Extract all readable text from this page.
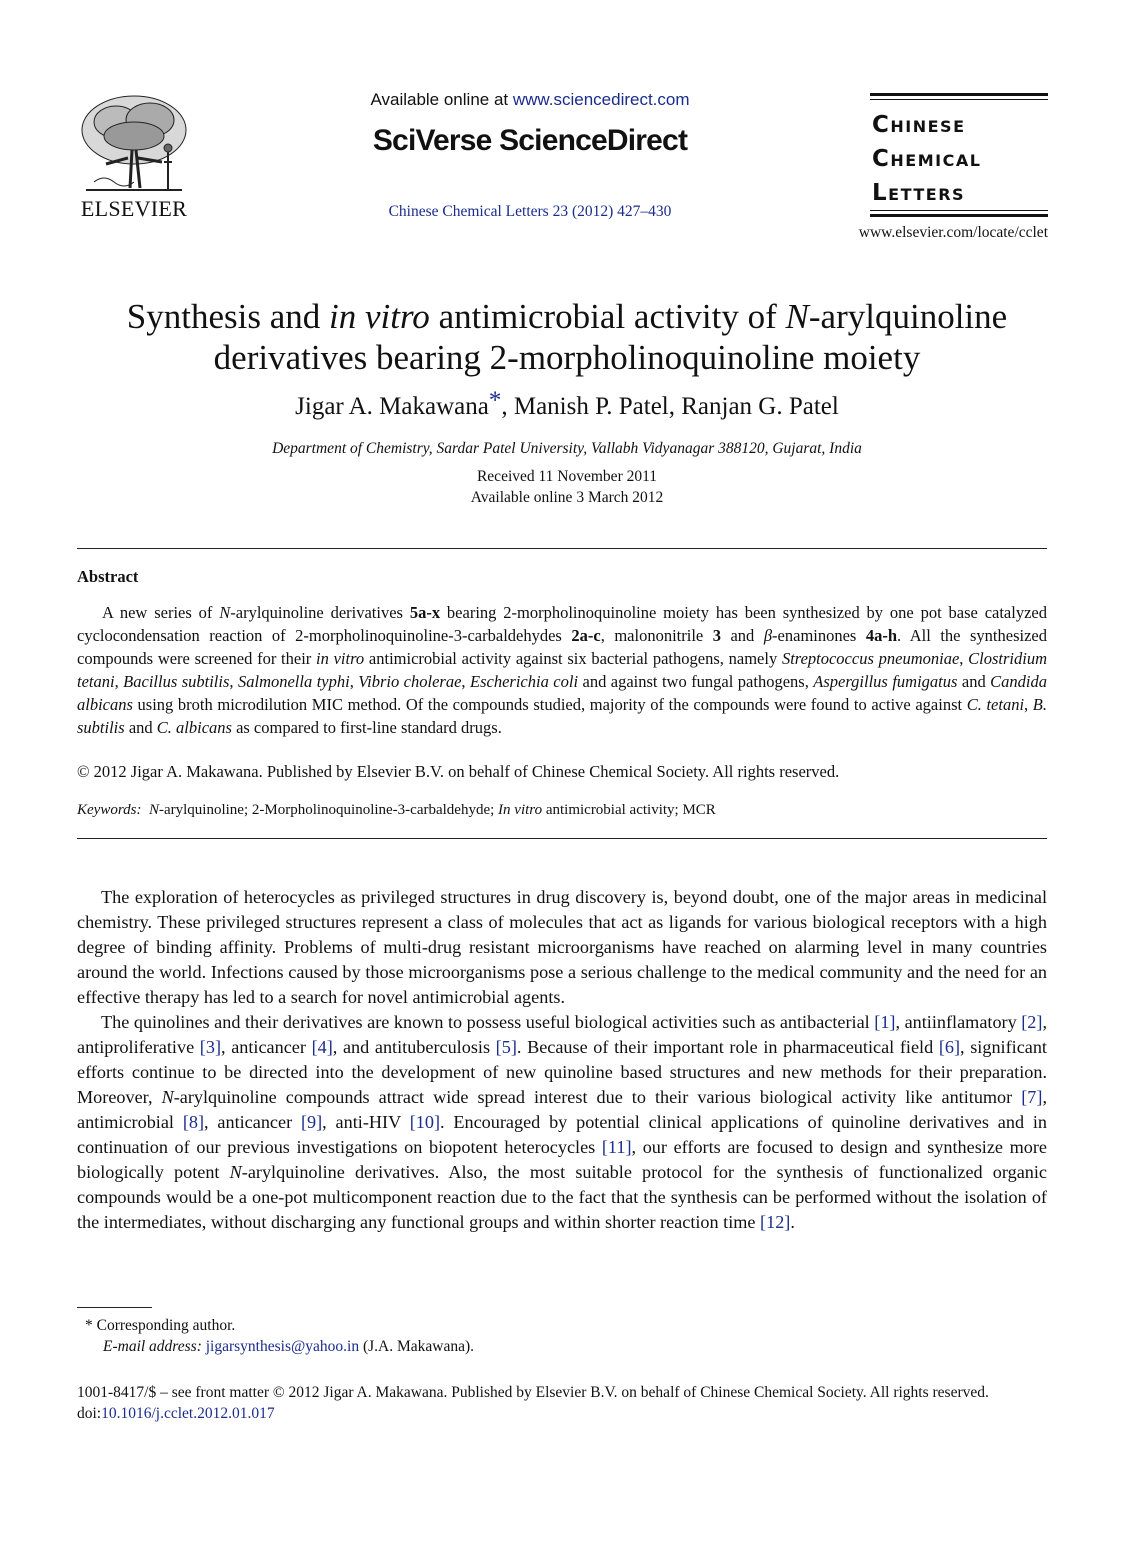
ELSEVIER
Available online at www.sciencedirect.com
SciVerse ScienceDirect
Chinese Chemical Letters 23 (2012) 427–430
Chinese
Chemical
Letters
www.elsevier.com/locate/cclet
Synthesis and in vitro antimicrobial activity of N-arylquinoline
derivatives bearing 2-morpholinoquinoline moiety
Jigar A. Makawana*, Manish P. Patel, Ranjan G. Patel
Department of Chemistry, Sardar Patel University, Vallabh Vidyanagar 388120, Gujarat, India
Received 11 November 2011
Available online 3 March 2012
Abstract

A new series of N-arylquinoline derivatives 5a-x bearing 2-morpholinoquinoline moiety has been synthesized by one pot base catalyzed cyclocondensation reaction of 2-morpholinoquinoline-3-carbaldehydes 2a-c, malononitrile 3 and β-enaminones 4a-h. All the synthesized compounds were screened for their in vitro antimicrobial activity against six bacterial pathogens, namely Streptococcus pneumoniae, Clostridium tetani, Bacillus subtilis, Salmonella typhi, Vibrio cholerae, Escherichia coli and against two fungal pathogens, Aspergillus fumigatus and Candida albicans using broth microdilution MIC method. Of the compounds studied, majority of the compounds were found to active against C. tetani, B. subtilis and C. albicans as compared to first-line standard drugs.

© 2012 Jigar A. Makawana. Published by Elsevier B.V. on behalf of Chinese Chemical Society. All rights reserved.
Keywords: N-arylquinoline; 2-Morpholinoquinoline-3-carbaldehyde; In vitro antimicrobial activity; MCR

The exploration of heterocycles as privileged structures in drug discovery is, beyond doubt, one of the major areas in medicinal chemistry. These privileged structures represent a class of molecules that act as ligands for various biological receptors with a high degree of binding affinity. Problems of multi-drug resistant microorganisms have reached on alarming level in many countries around the world. Infections caused by those microorganisms pose a serious challenge to the medical community and the need for an effective therapy has led to a search for novel antimicrobial agents.

The quinolines and their derivatives are known to possess useful biological activities such as antibacterial [1], antiinflamatory [2], antiproliferative [3], anticancer [4], and antituberculosis [5]. Because of their important role in pharmaceutical field [6], significant efforts continue to be directed into the development of new quinoline based structures and new methods for their preparation. Moreover, N-arylquinoline compounds attract wide spread interest due to their various biological activity like antitumor [7], antimicrobial [8], anticancer [9], anti-HIV [10]. Encouraged by potential clinical applications of quinoline derivatives and in continuation of our previous investigations on biopotent heterocycles [11], our efforts are focused to design and synthesize more biologically potent N-arylquinoline derivatives. Also, the most suitable protocol for the synthesis of functionalized organic compounds would be a one-pot multicomponent reaction due to the fact that the synthesis can be performed without the isolation of the intermediates, without discharging any functional groups and within shorter reaction time [12].

* Corresponding author.
E-mail address: jigarsynthesis@yahoo.in (J.A. Makawana).
1001-8417/$ – see front matter © 2012 Jigar A. Makawana. Published by Elsevier B.V. on behalf of Chinese Chemical Society. All rights reserved.
doi:10.1016/j.cclet.2012.01.017
